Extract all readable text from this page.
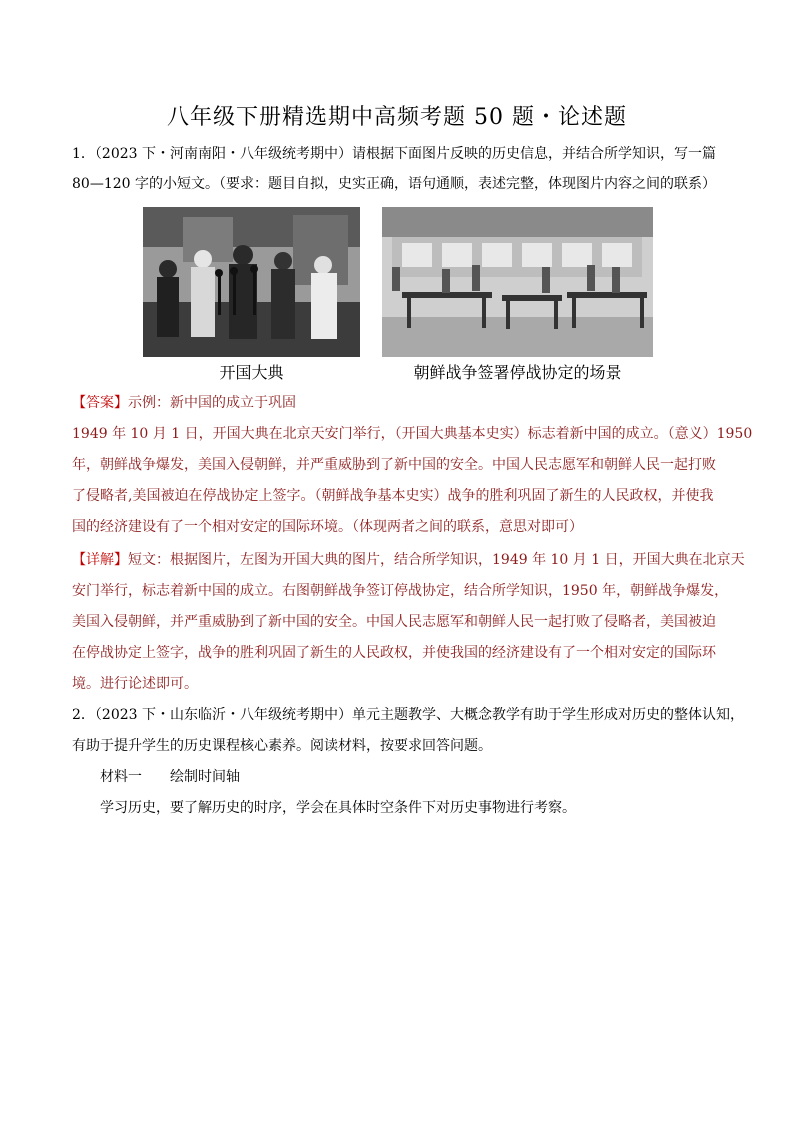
八年级下册精选期中高频考题 50 题・论述题
1．（2023 下・河南南阳・八年级统考期中）请根据下面图片反映的历史信息，并结合所学知识，写一篇
80—120 字的小短文。（要求：题目自拟，史实正确，语句通顺，表述完整，体现图片内容之间的联系）
开国大典	朝鲜战争签署停战协定的场景
【答案】示例：新中国的成立于巩固
1949 年 10 月 1 日，开国大典在北京天安门举行，（开国大典基本史实）标志着新中国的成立。（意义）1950
年，朝鲜战争爆发，美国入侵朝鲜，并严重威胁到了新中国的安全。中国人民志愿军和朝鲜人民一起打败
了侵略者,美国被迫在停战协定上签字。（朝鲜战争基本史实）战争的胜利巩固了新生的人民政权，并使我
国的经济建设有了一个相对安定的国际环境。（体现两者之间的联系，意思对即可）
【详解】短文：根据图片，左图为开国大典的图片，结合所学知识，1949 年 10 月 1 日，开国大典在北京天
安门举行，标志着新中国的成立。右图朝鲜战争签订停战协定，结合所学知识，1950 年，朝鲜战争爆发，
美国入侵朝鲜，并严重威胁到了新中国的安全。中国人民志愿军和朝鲜人民一起打败了侵略者，美国被迫
在停战协定上签字，战争的胜利巩固了新生的人民政权，并使我国的经济建设有了一个相对安定的国际环
境。进行论述即可。
2．（2023 下・山东临沂・八年级统考期中）单元主题教学、大概念教学有助于学生形成对历史的整体认知，
有助于提升学生的历史课程核心素养。阅读材料，按要求回答问题。
材料一　　绘制时间轴
学习历史，要了解历史的时序，学会在具体时空条件下对历史事物进行考察。
